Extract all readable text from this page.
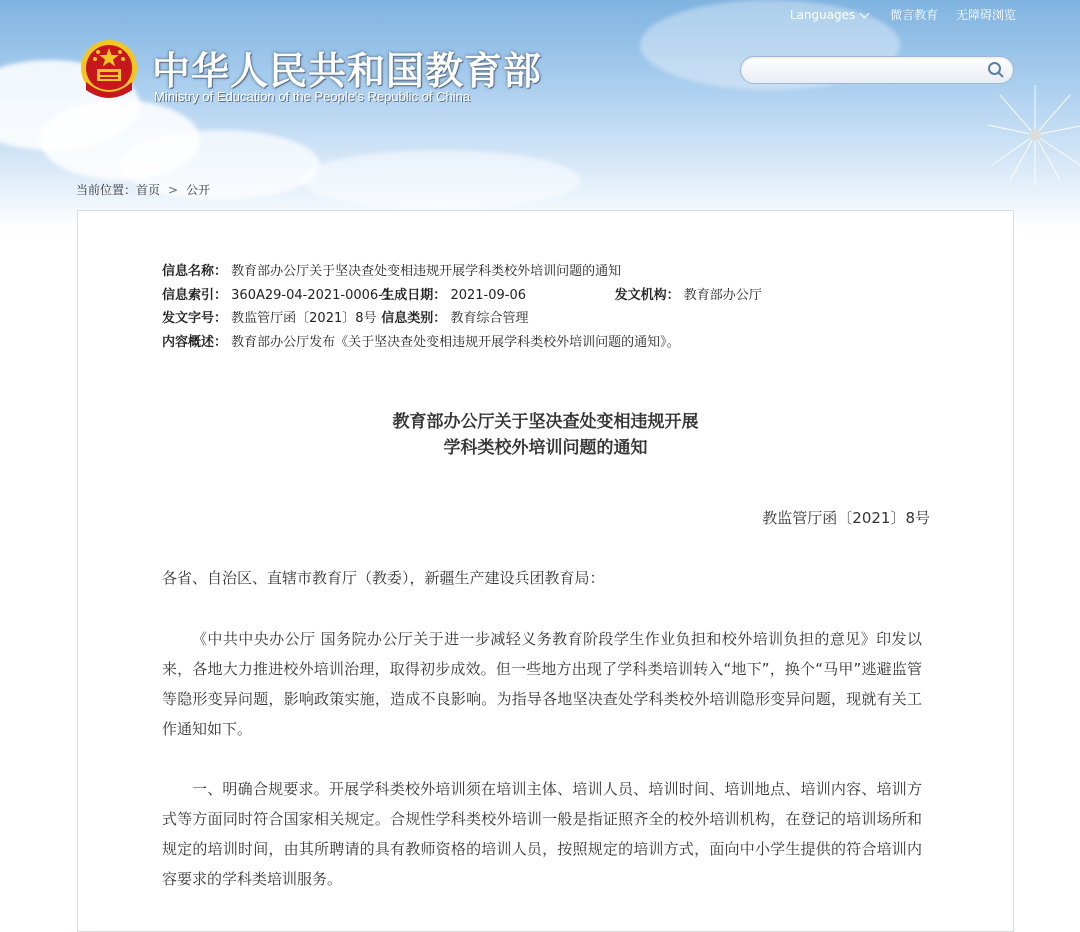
中华人民共和国教育部
Ministry of Education of the People's Republic of China
Languages	微言教育 无障碍浏览
当前位置：首页 > 公开
信息名称： 教育部办公厅关于坚决查处变相违规开展学科类校外培训问题的通知
信息索引： 360A29-04-2021-0006-1 生成日期： 2021-09-06	发文机构： 教育部办公厅
发文字号： 教监管厅函〔2021〕8号 信息类别： 教育综合管理
内容概述： 教育部办公厅发布《关于坚决查处变相违规开展学科类校外培训问题的通知》。
教育部办公厅关于坚决查处变相违规开展
学科类校外培训问题的通知
教监管厅函〔2021〕8号
各省、自治区、直辖市教育厅（教委），新疆生产建设兵团教育局：
《中共中央办公厅 国务院办公厅关于进一步减轻义务教育阶段学生作业负担和校外培训负担的意见》印发以来，各地大力推进校外培训治理，取得初步成效。但一些地方出现了学科类培训转入“地下”，换个“马甲”逃避监管等隐形变异问题，影响政策实施，造成不良影响。为指导各地坚决查处学科类校外培训隐形变异问题，现就有关工作通知如下。
一、明确合规要求。开展学科类校外培训须在培训主体、培训人员、培训时间、培训地点、培训内容、培训方式等方面同时符合国家相关规定。合规性学科类校外培训一般是指证照齐全的校外培训机构，在登记的培训场所和规定的培训时间，由其所聘请的具有教师资格的培训人员，按照规定的培训方式，面向中小学生提供的符合培训内容要求的学科类培训服务。
